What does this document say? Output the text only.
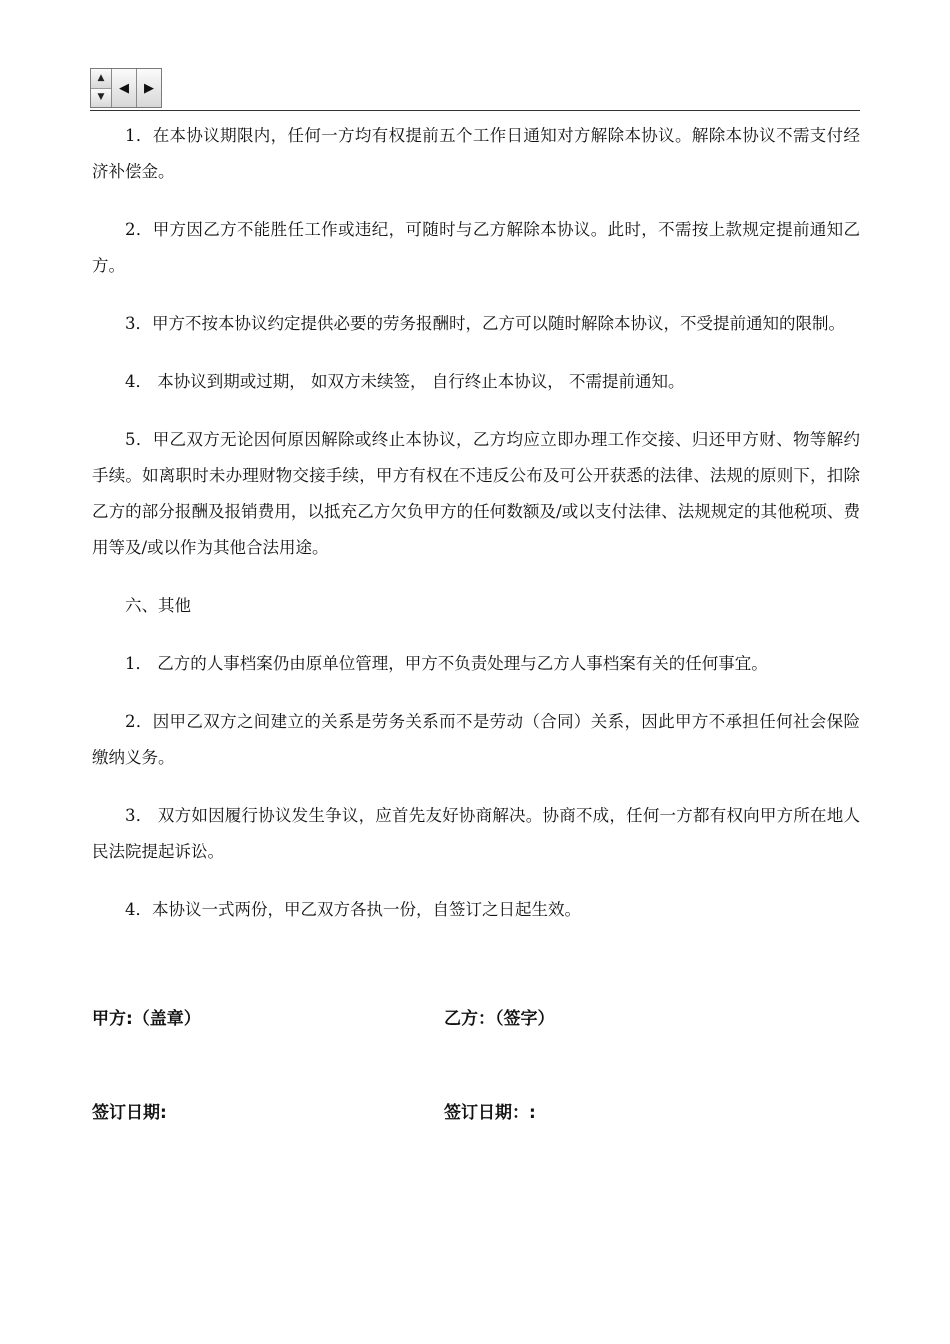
▲
▼
◀ ▶

1．在本协议期限内，任何一方均有权提前五个工作日通知对方解除本协议。解除本协议不需支付经济补偿金。

2．甲方因乙方不能胜任工作或违纪，可随时与乙方解除本协议。此时，不需按上款规定提前通知乙方。

3．甲方不按本协议约定提供必要的劳务报酬时，乙方可以随时解除本协议，不受提前通知的限制。

4． 本协议到期或过期， 如双方未续签， 自行终止本协议， 不需提前通知。

5．甲乙双方无论因何原因解除或终止本协议，乙方均应立即办理工作交接、归还甲方财、物等解约手续。如离职时未办理财物交接手续，甲方有权在不违反公布及可公开获悉的法律、法规的原则下，扣除乙方的部分报酬及报销费用，以抵充乙方欠负甲方的任何数额及/或以支付法律、法规规定的其他税项、费用等及/或以作为其他合法用途。

六、其他

1． 乙方的人事档案仍由原单位管理，甲方不负责处理与乙方人事档案有关的任何事宜。

2．因甲乙双方之间建立的关系是劳务关系而不是劳动（合同）关系，因此甲方不承担任何社会保险缴纳义务。

3． 双方如因履行协议发生争议，应首先友好协商解决。协商不成，任何一方都有权向甲方所在地人民法院提起诉讼。

4．本协议一式两份，甲乙双方各执一份，自签订之日起生效。

甲方:（盖章）	乙方：（签字）
签订日期:	签订日期：:
